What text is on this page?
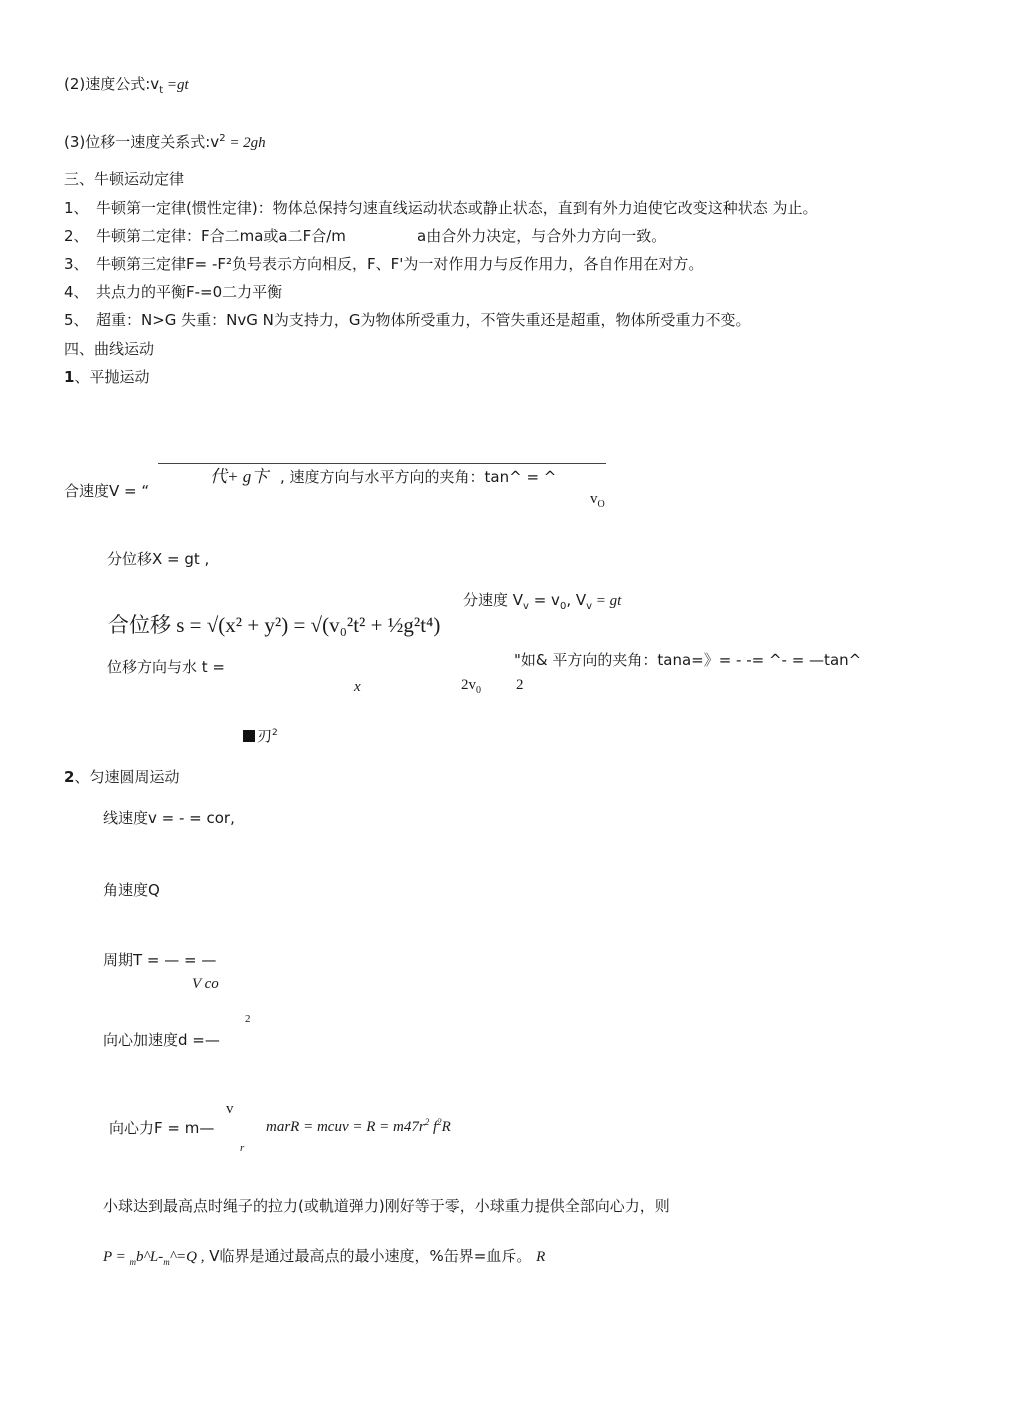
(2)速度公式$:v_t =gt$
(3)位移一速度关系式$:v^2 = 2gh$
三、牛顿运动定律
1、 牛顿第一定律(惯性定律)：物体总保持匀速直线运动状态或静止状态，直到有外力迫使它改变这种状态 为止。
2、 牛顿第二定律：F合二ma或a二F合/m	a由合外力决定，与合外力方向一致。
3、 牛顿第三定律F= -F²负号表示方向相反，F、F'为一对作用力与反作用力，各自作用在对方。
4、 共点力的平衡F-=0二力平衡
5、 超重：N>G 失重：NvG N为支持力，G为物体所受重力，不管失重还是超重，物体所受重力不变。
四、曲线运动
1、平抛运动
合速度V = “
代+ g卞 , 速度方向与水平方向的夹角：tan^ = ^
$v_O$
分位移X = gt ,
合位移 s = √(x² + y²) = √(v₀²t² + ½g²t⁴)
分速度 $V_v = v_0$, $V_v$ = gt
位移方向与水 t =	"如& 平方向的夹角：tana=》= - -= ^- = —tan^
x	$2v_0$ 2
刃$^2$
2、匀速圆周运动
线速度v = - = cor,
角速度Q
周期T = — = —
V co
2
向心加速度d =—
v
向心力F = m—	marR = mcuv = $R = m47r^2$ $f^2R$
r
小球达到最高点时绳子的拉力(或軌道弹力)刚好等于零，小球重力提供全部向心力，则
$P = _mb\^{}L-_m\^{}=Q$ , V临界是通过最高点的最小速度，%缶界=血斥。 R
